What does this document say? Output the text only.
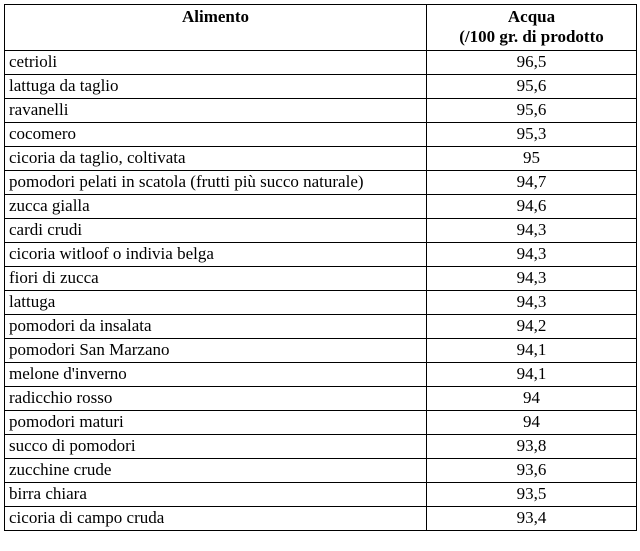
Alimento	Acqua
(/100 gr. di prodotto

cetrioli	96,5
lattuga da taglio	95,6
ravanelli	95,6
cocomero	95,3
cicoria da taglio, coltivata	95
pomodori pelati in scatola (frutti più succo naturale)	94,7
zucca gialla	94,6
cardi crudi	94,3
cicoria witloof o indivia belga	94,3
fiori di zucca	94,3
lattuga	94,3
pomodori da insalata	94,2
pomodori San Marzano	94,1
melone d'inverno	94,1
radicchio rosso	94
pomodori maturi	94
succo di pomodori	93,8
zucchine crude	93,6
birra chiara	93,5
cicoria di campo cruda	93,4
